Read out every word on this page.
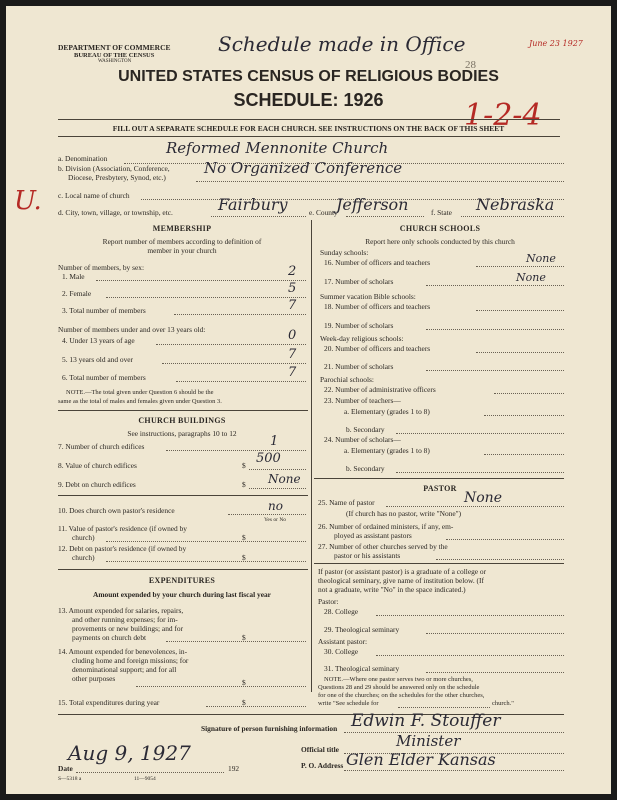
DEPARTMENT OF COMMERCE
BUREAU OF THE CENSUS
WASHINGTON
Schedule made in Office	June 23 1927
28
UNITED STATES CENSUS OF RELIGIOUS BODIES
SCHEDULE: 1926	1-2-4
FILL OUT A SEPARATE SCHEDULE FOR EACH CHURCH. SEE INSTRUCTIONS ON THE BACK OF THIS SHEET
a. Denomination
Reformed Mennonite Church
b. Division (Association, Conference,
Diocese, Presbytery, Synod, etc.)
No Organized Conference
U. c. Local name of church
d. City, town, village, or township, etc.	Fairbury	e. County
Jefferson	f. State Nebraska
MEMBERSHIP
Report number of members according to definition of
member in your church
Number of members, by sex:
1. Male	2
2. Female	5
3. Total number of members	7
Number of members under and over 13 years old:
4. Under 13 years of age	0
5. 13 years old and over	7
6. Total number of members	7
NOTE.—The total given under Question 6 should be the
same as the total of males and females given under Question 3.
CHURCH BUILDINGS
See instructions, paragraphs 10 to 12
7. Number of church edifices	1
8. Value of church edifices	$ 500
9. Debt on church edifices	$ None
10. Does church own pastor's residence	no
Yes or No
11. Value of pastor's residence (if owned by
church)	$
12. Debt on pastor's residence (if owned by
church)	$
EXPENDITURES
Amount expended by your church during last fiscal year
13. Amount expended for salaries, repairs,
and other running expenses; for im-
provements or new buildings; and for
payments on church debt	$
14. Amount expended for benevolences, in-
cluding home and foreign missions; for
denominational support; and for all
other purposes	$
15. Total expenditures during year	$
CHURCH SCHOOLS
Report here only schools conducted by this church
Sunday schools:
16. Number of officers and teachers	None
17. Number of scholars	None
Summer vacation Bible schools:
18. Number of officers and teachers
19. Number of scholars
Week-day religious schools:
20. Number of officers and teachers
21. Number of scholars
Parochial schools:
22. Number of administrative officers
23. Number of teachers—
a. Elementary (grades 1 to 8)
b. Secondary
24. Number of scholars—
a. Elementary (grades 1 to 8)
b. Secondary
PASTOR
25. Name of pastor	None
(If church has no pastor, write "None")
26. Number of ordained ministers, if any, em-
ployed as assistant pastors
27. Number of other churches served by the
pastor or his assistants
If pastor (or assistant pastor) is a graduate of a college or
theological seminary, give name of institution below. (If
not a graduate, write "No" in the space indicated.)
Pastor:
28. College
29. Theological seminary
Assistant pastor:
30. College
31. Theological seminary
NOTE.—Where one pastor serves two or more churches,
Questions 28 and 29 should be answered only on the schedule
for one of the churches; on the schedules for the other churches,
write "See schedule for	church."
Signature of person furnishing information Edwin F. Stouffer
Official title	Minister
P. O. Address Glen Elder Kansas
Aug 9, 1927
Date	192
S—5318 a	11—9054
